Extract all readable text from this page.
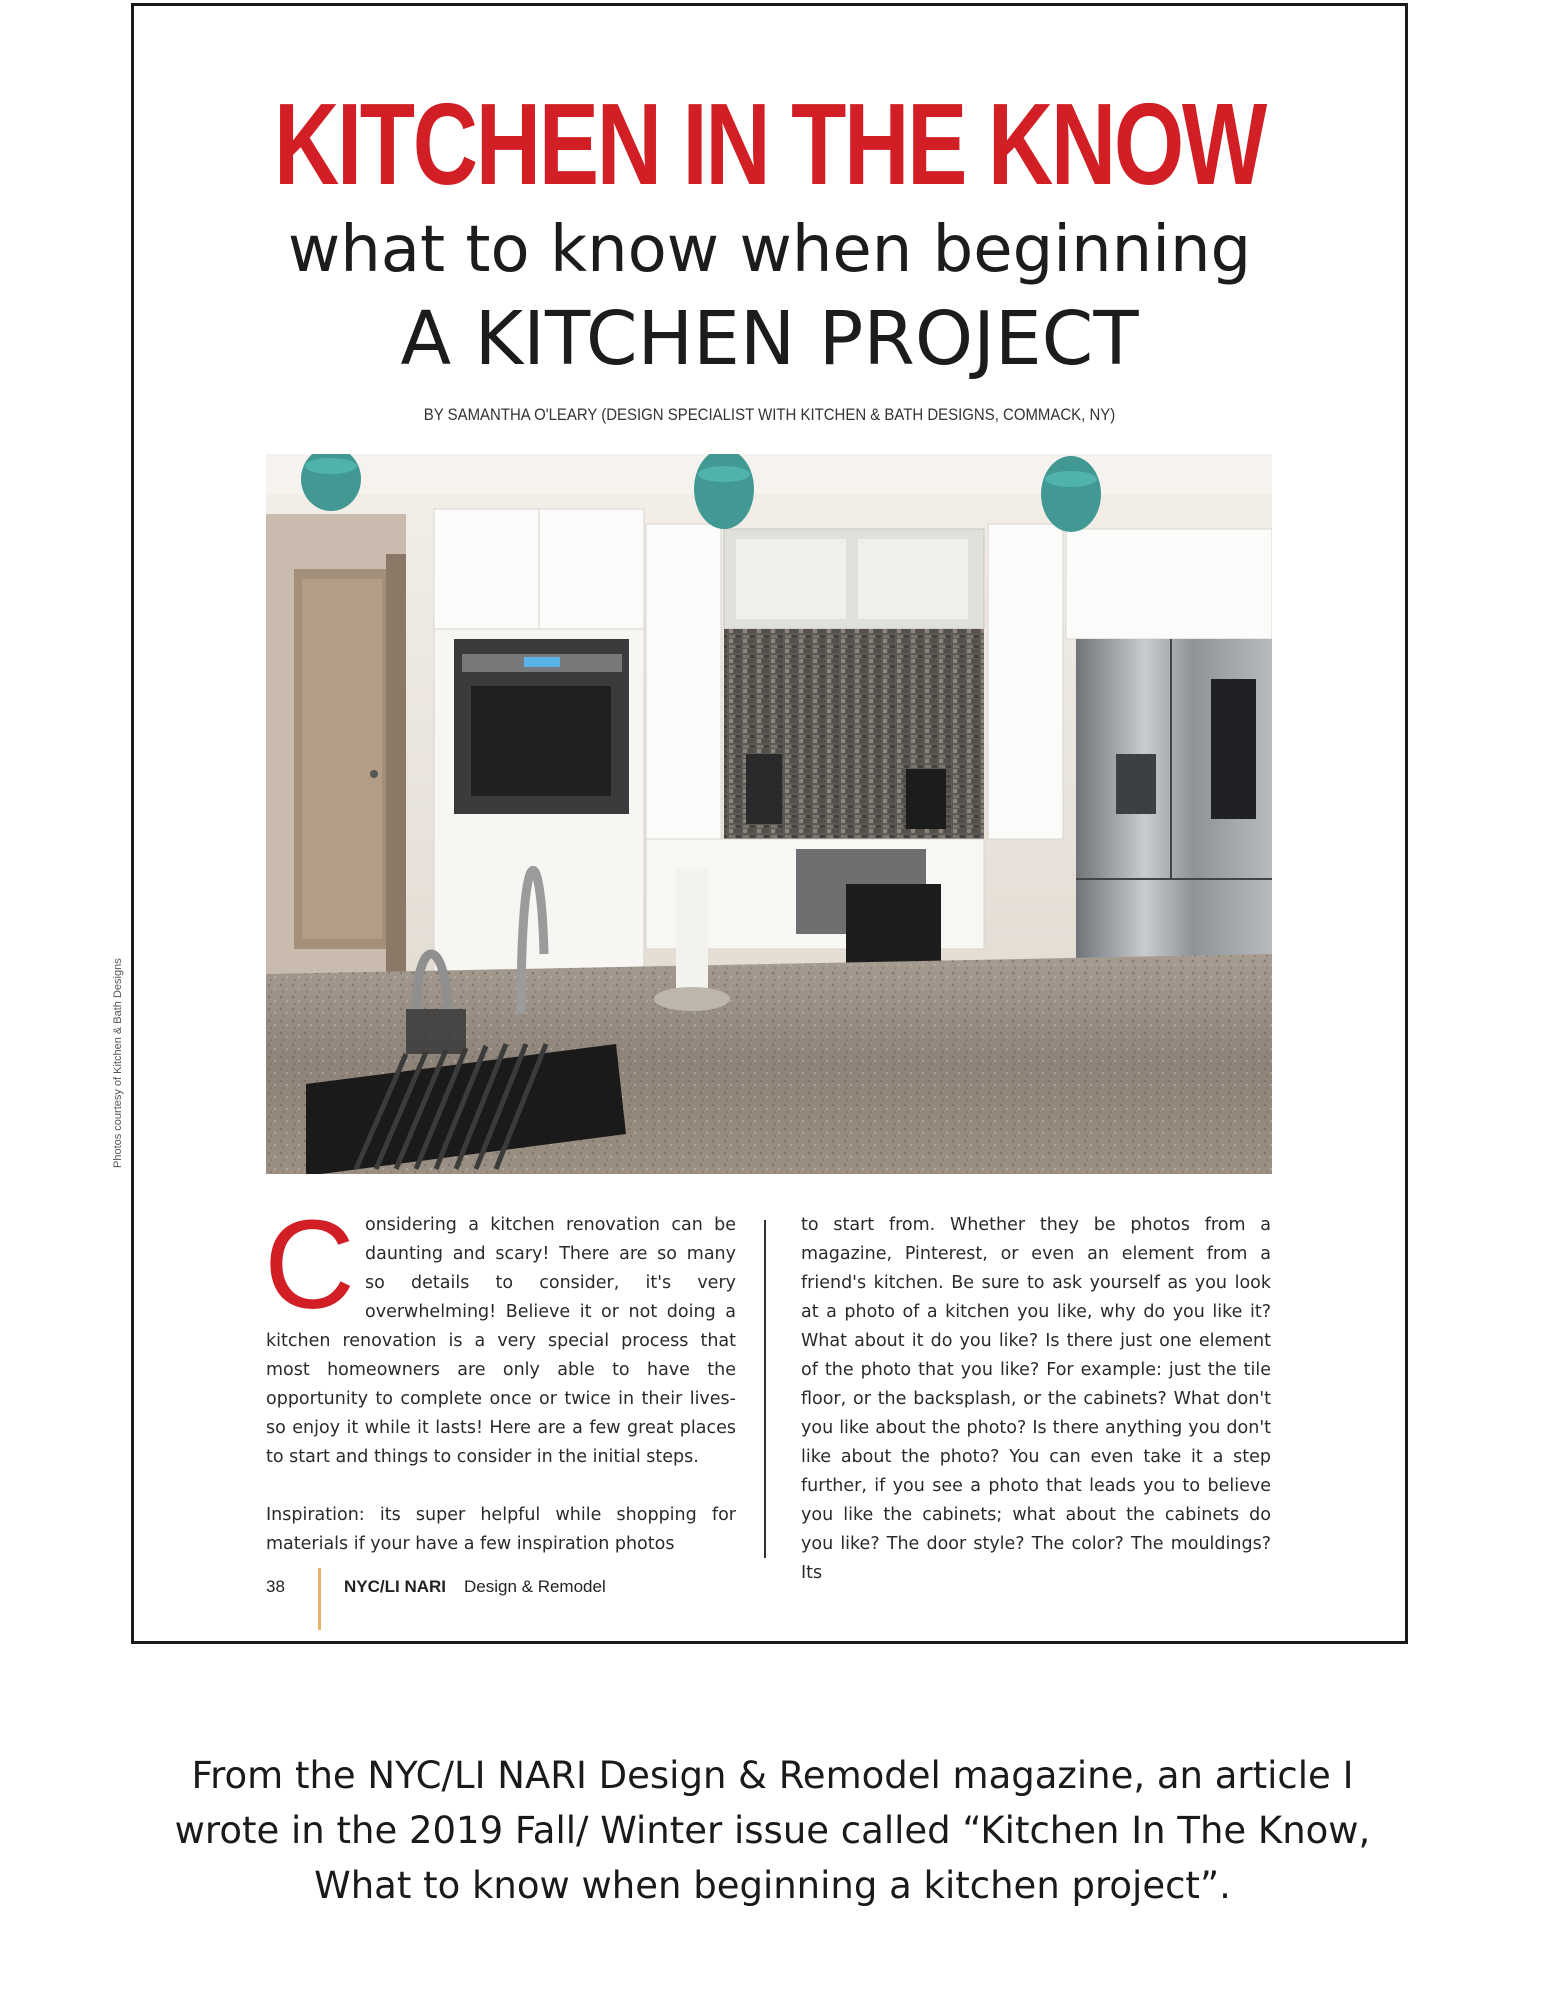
KITCHEN IN THE KNOW
what to know when beginning
A KITCHEN PROJECT
BY SAMANTHA O'LEARY (DESIGN SPECIALIST WITH KITCHEN & BATH DESIGNS, COMMACK, NY)

Considering a kitchen renovation can be daunting and scary! There are so many so details to consider, it's very overwhelming! Believe it or not doing a kitchen renovation is a very special process that most homeowners are only able to have the opportunity to complete once or twice in their lives- so enjoy it while it lasts! Here are a few great places to start and things to consider in the initial steps.

Inspiration: its super helpful while shopping for materials if your have a few inspiration photos

to start from. Whether they be photos from a magazine, Pinterest, or even an element from a friend's kitchen. Be sure to ask yourself as you look at a photo of a kitchen you like, why do you like it? What about it do you like? Is there just one element of the photo that you like? For example: just the tile floor, or the backsplash, or the cabinets? What don't you like about the photo? Is there anything you don't like about the photo? You can even take it a step further, if you see a photo that leads you to believe you like the cabinets; what about the cabinets do you like? The door style? The color? The mouldings? Its

38	NYC/LI NARI Design & Remodel
Photos courtesy of Kitchen & Bath Designs
From the NYC/LI NARI Design & Remodel magazine, an article I
wrote in the 2019 Fall/ Winter issue called “Kitchen In The Know,
What to know when beginning a kitchen project”.
